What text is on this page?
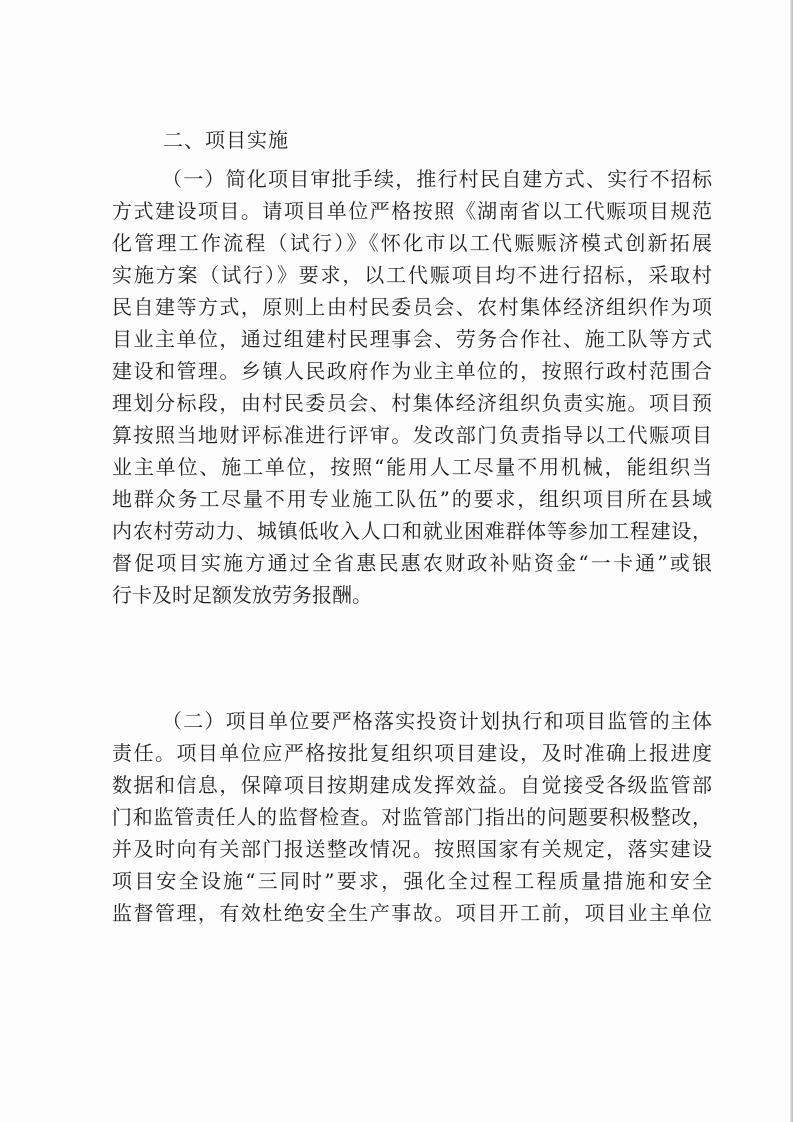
二、项目实施
（一）简化项目审批手续，推行村民自建方式、实行不招标
方式建设项目。请项目单位严格按照《湖南省以工代赈项目规范
化管理工作流程（试行）》《怀化市以工代赈赈济模式创新拓展
实施方案（试行）》要求，以工代赈项目均不进行招标，采取村
民自建等方式，原则上由村民委员会、农村集体经济组织作为项
目业主单位，通过组建村民理事会、劳务合作社、施工队等方式
建设和管理。乡镇人民政府作为业主单位的，按照行政村范围合
理划分标段，由村民委员会、村集体经济组织负责实施。项目预
算按照当地财评标准进行评审。发改部门负责指导以工代赈项目
业主单位、施工单位，按照“能用人工尽量不用机械，能组织当
地群众务工尽量不用专业施工队伍”的要求，组织项目所在县域
内农村劳动力、城镇低收入人口和就业困难群体等参加工程建设，
督促项目实施方通过全省惠民惠农财政补贴资金“一卡通”或银
行卡及时足额发放劳务报酬。
（二）项目单位要严格落实投资计划执行和项目监管的主体
责任。项目单位应严格按批复组织项目建设，及时准确上报进度
数据和信息，保障项目按期建成发挥效益。自觉接受各级监管部
门和监管责任人的监督检查。对监管部门指出的问题要积极整改，
并及时向有关部门报送整改情况。按照国家有关规定，落实建设
项目安全设施“三同时”要求，强化全过程工程质量措施和安全
监督管理，有效杜绝安全生产事故。项目开工前，项目业主单位
